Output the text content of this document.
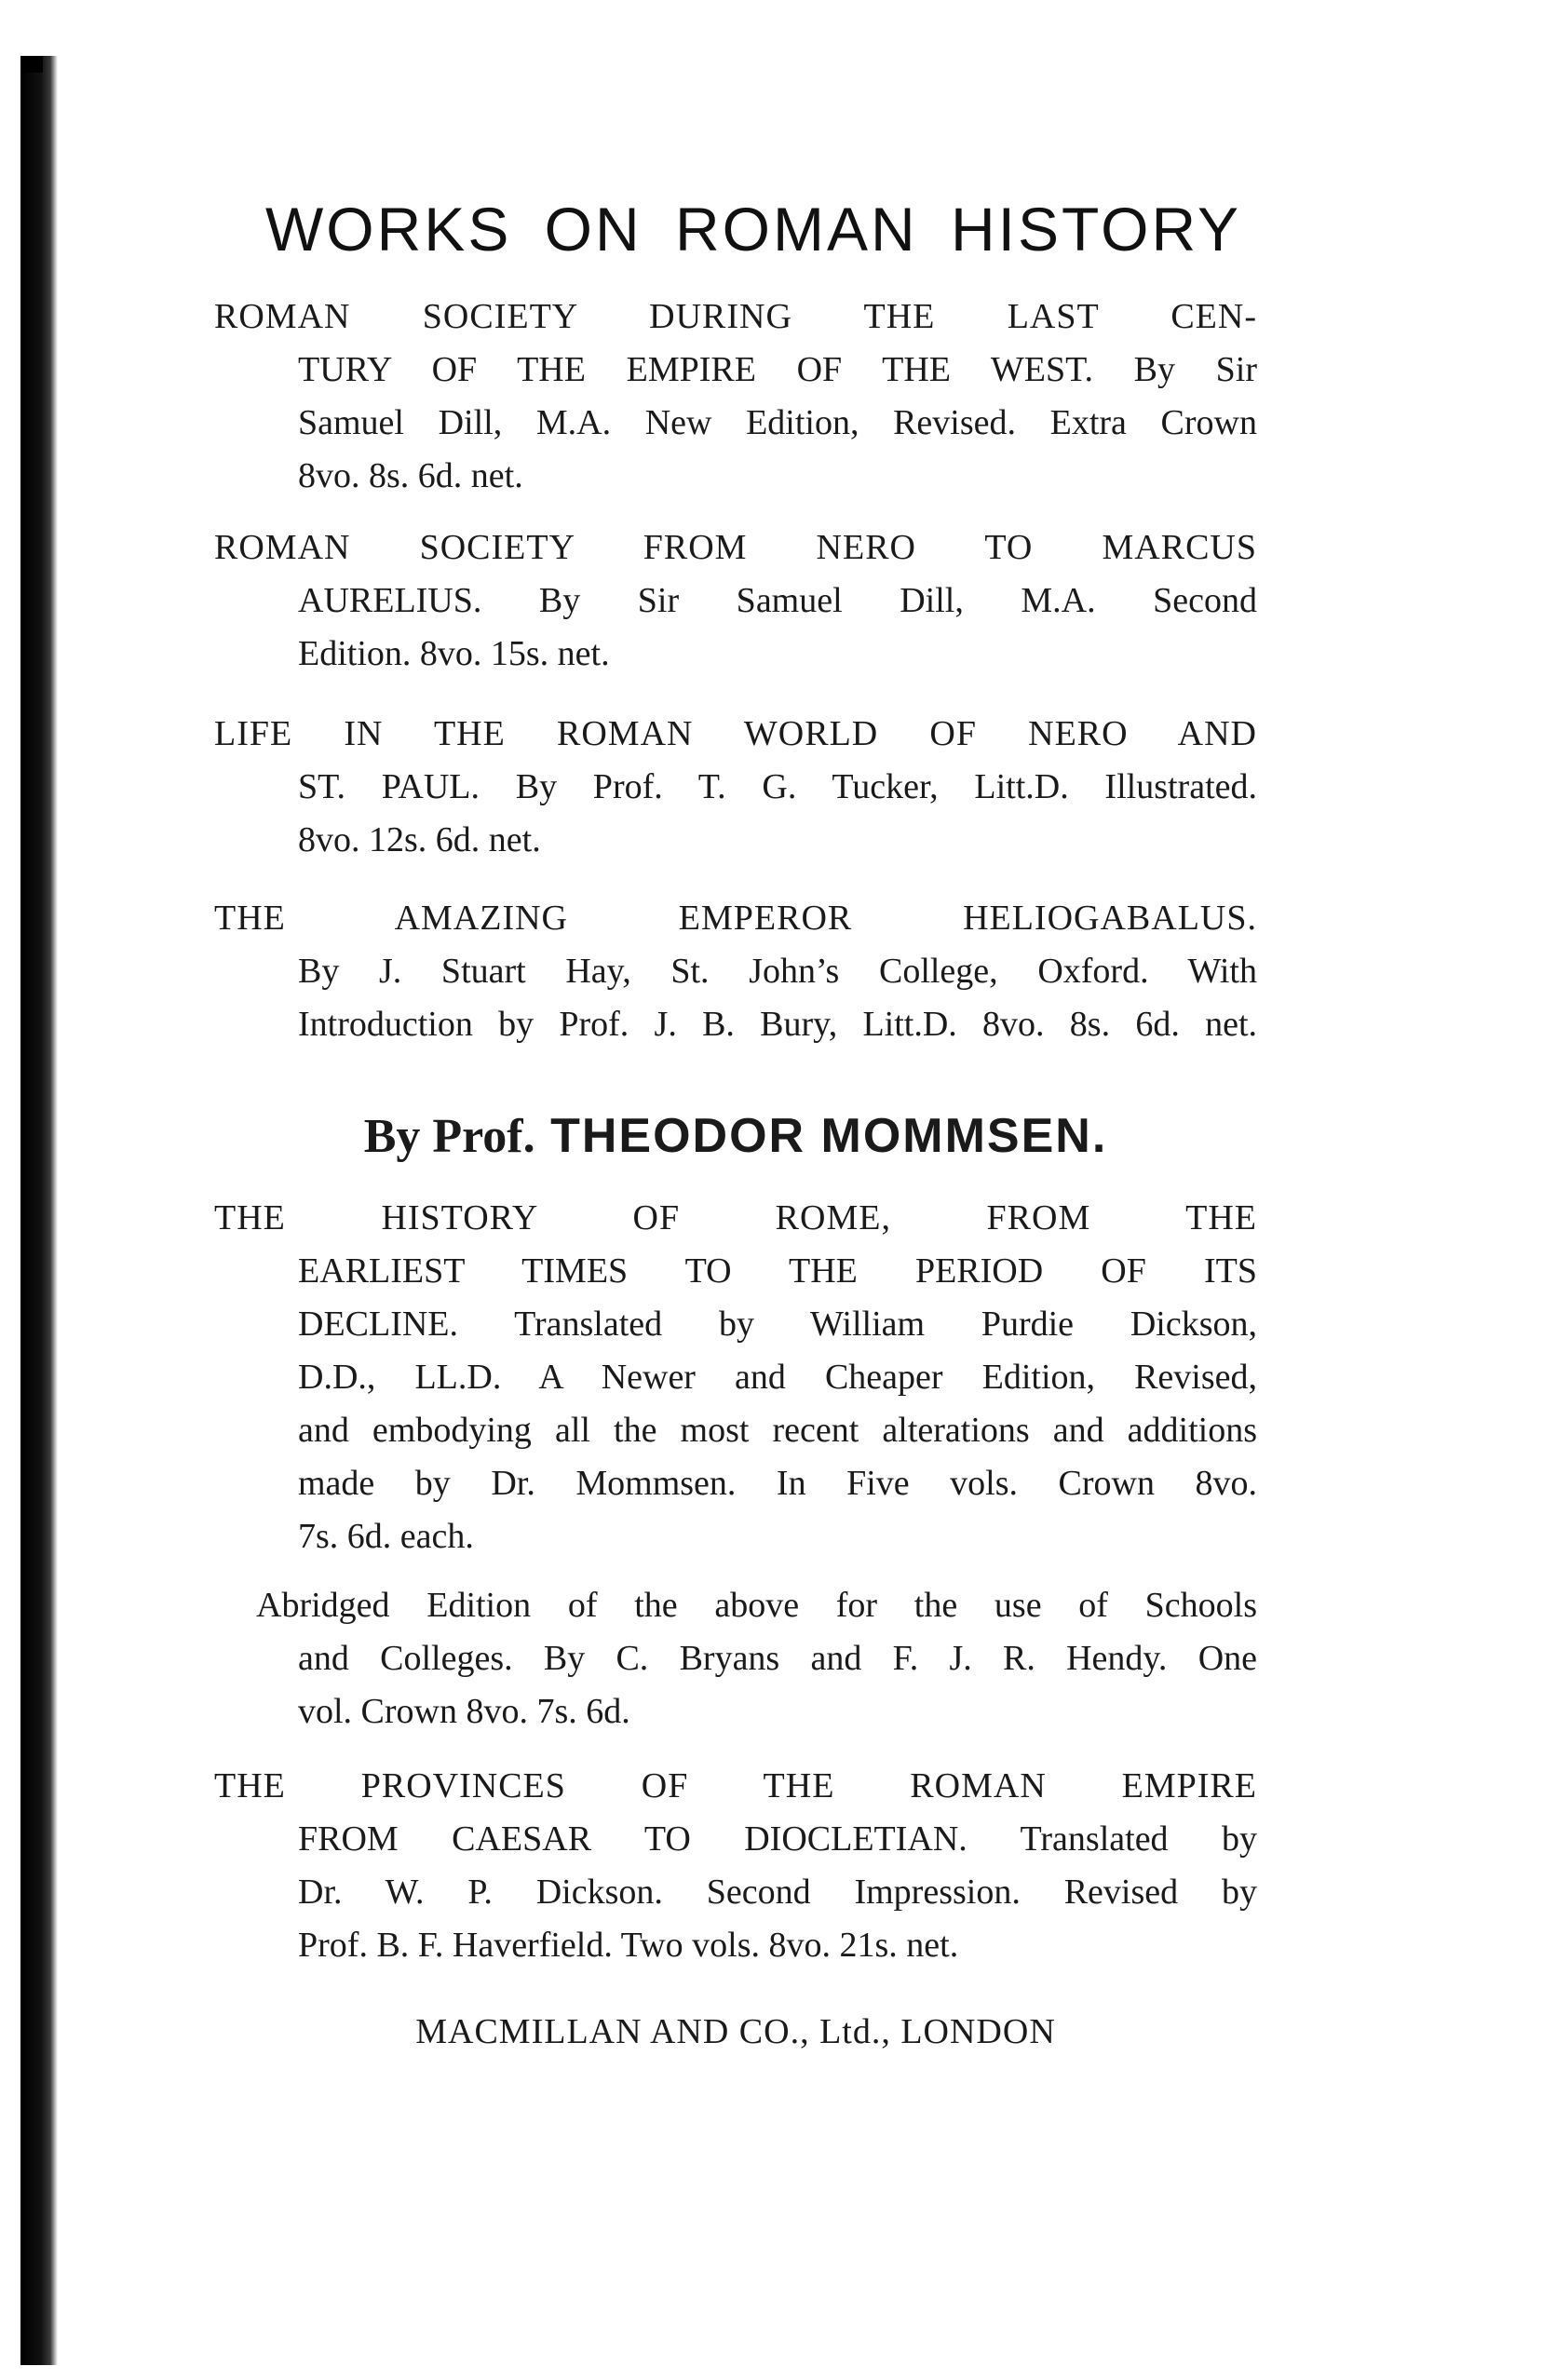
WORKS ON ROMAN HISTORY
ROMAN SOCIETY DURING THE LAST CEN-
TURY OF THE EMPIRE OF THE WEST. By Sir
Samuel Dill, M.A. New Edition, Revised. Extra Crown
8vo. 8s. 6d. net.
ROMAN SOCIETY FROM NERO TO MARCUS
AURELIUS. By Sir Samuel Dill, M.A. Second
Edition. 8vo. 15s. net.
LIFE IN THE ROMAN WORLD OF NERO AND
ST. PAUL. By Prof. T. G. Tucker, Litt.D. Illustrated.
8vo. 12s. 6d. net.
THE AMAZING EMPEROR HELIOGABALUS.
By J. Stuart Hay, St. John’s College, Oxford. With
Introduction by Prof. J. B. Bury, Litt.D. 8vo. 8s. 6d. net.
By Prof. THEODOR MOMMSEN.
THE HISTORY OF ROME, FROM THE
EARLIEST TIMES TO THE PERIOD OF ITS
DECLINE. Translated by William Purdie Dickson,
D.D., LL.D. A Newer and Cheaper Edition, Revised,
and embodying all the most recent alterations and additions
made by Dr. Mommsen. In Five vols. Crown 8vo.
7s. 6d. each.
Abridged Edition of the above for the use of Schools
and Colleges. By C. Bryans and F. J. R. Hendy. One
vol. Crown 8vo. 7s. 6d.
THE PROVINCES OF THE ROMAN EMPIRE
FROM CAESAR TO DIOCLETIAN. Translated by
Dr. W. P. Dickson. Second Impression. Revised by
Prof. B. F. Haverfield. Two vols. 8vo. 21s. net.
MACMILLAN AND CO., Ltd., LONDON
